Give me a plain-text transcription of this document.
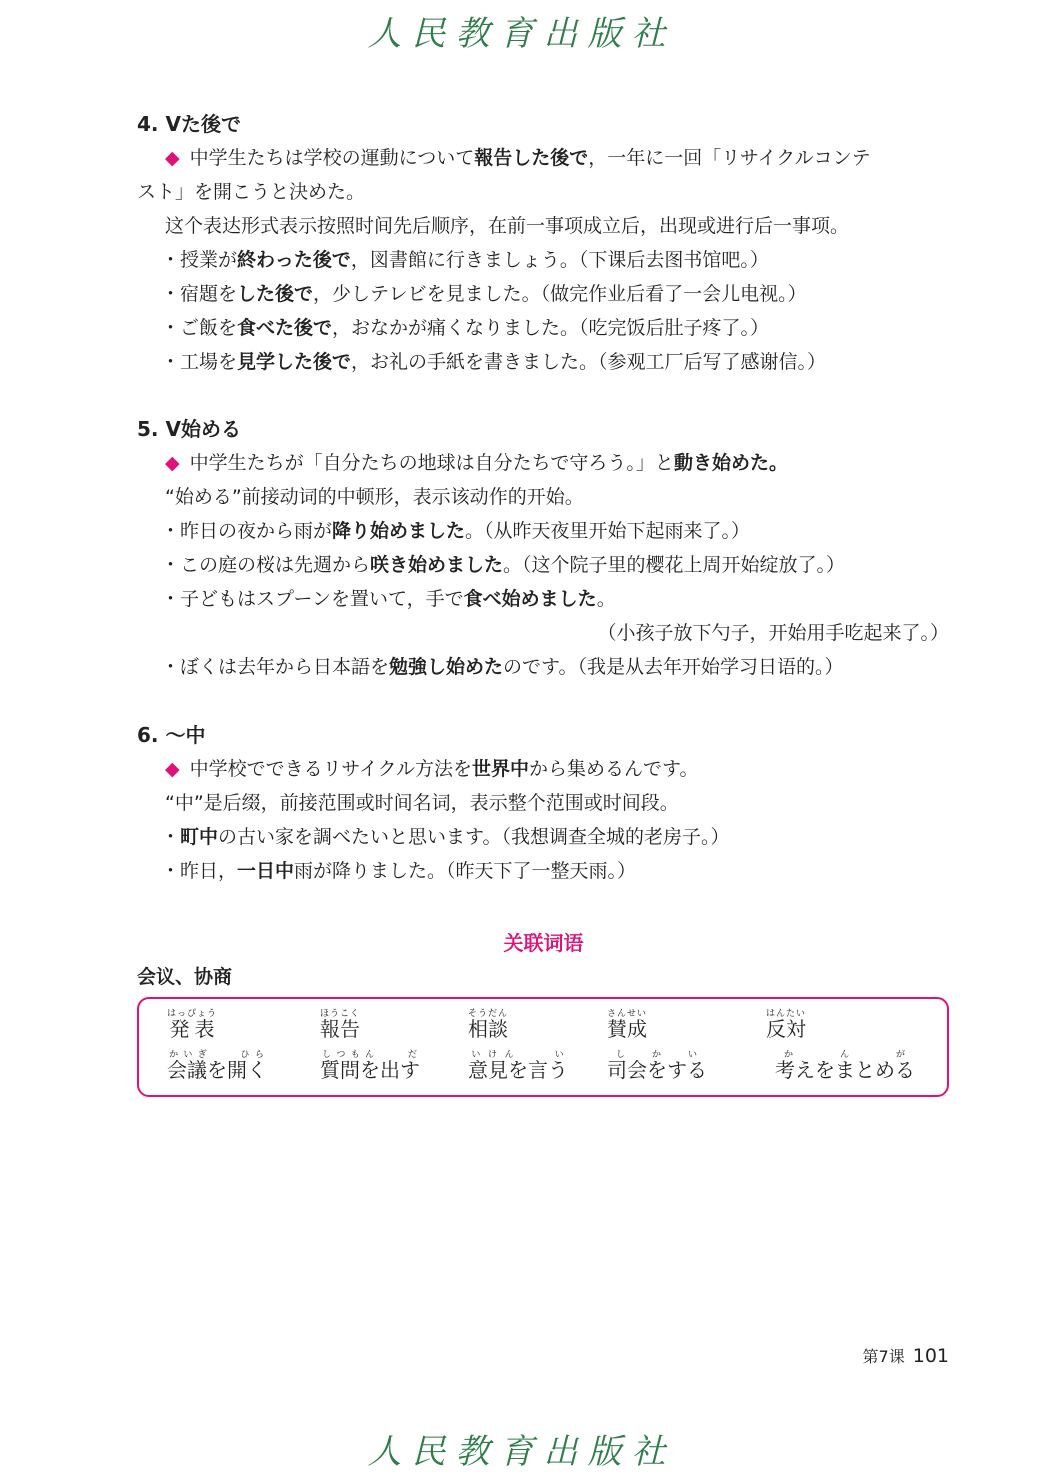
人民教育出版社
4. Vた後で
◆ 中学生たちは学校の運動について報告した後で，一年に一回「リサイクルコンテ
スト」を開こうと決めた。
这个表达形式表示按照时间先后顺序，在前一事项成立后，出现或进行后一事项。
・授業が終わった後で，図書館に行きましょう。（下课后去图书馆吧。）
・宿題をした後で，少しテレビを見ました。（做完作业后看了一会儿电视。）
・ご飯を食べた後で，おなかが痛くなりました。（吃完饭后肚子疼了。）
・工場を見学した後で，お礼の手紙を書きました。（参观工厂后写了感谢信。）
5. V始める
◆ 中学生たちが「自分たちの地球は自分たちで守ろう。」と動き始めた。
“始める”前接动词的中顿形，表示该动作的开始。
・昨日の夜から雨が降り始めました。（从昨天夜里开始下起雨来了。）
・この庭の桜は先週から咲き始めました。（这个院子里的樱花上周开始绽放了。）
・子どもはスプーンを置いて，手で食べ始めました。
（小孩子放下勺子，开始用手吃起来了。）
・ぼくは去年から日本語を勉強し始めたのです。（我是从去年开始学习日语的。）
6. 〜中
◆ 中学校でできるリサイクル方法を世界中から集めるんです。
“中”是后缀，前接范围或时间名词，表示整个范围或时间段。
・町中の古い家を調べたいと思います。（我想调查全城的老房子。）
・昨日，一日中雨が降りました。（昨天下了一整天雨。）
关联词语
会议、协商
発表はっぴょう
報告ほうこく
相談そうだん
賛成さんせい
反対はんたい
会議を開くかいぎ　　ひら
質問を出すしつもん　　だ
意見を言ういけん　　い
司会をするしかい
考えをまとめるかんが
第7课 101
人民教育出版社
